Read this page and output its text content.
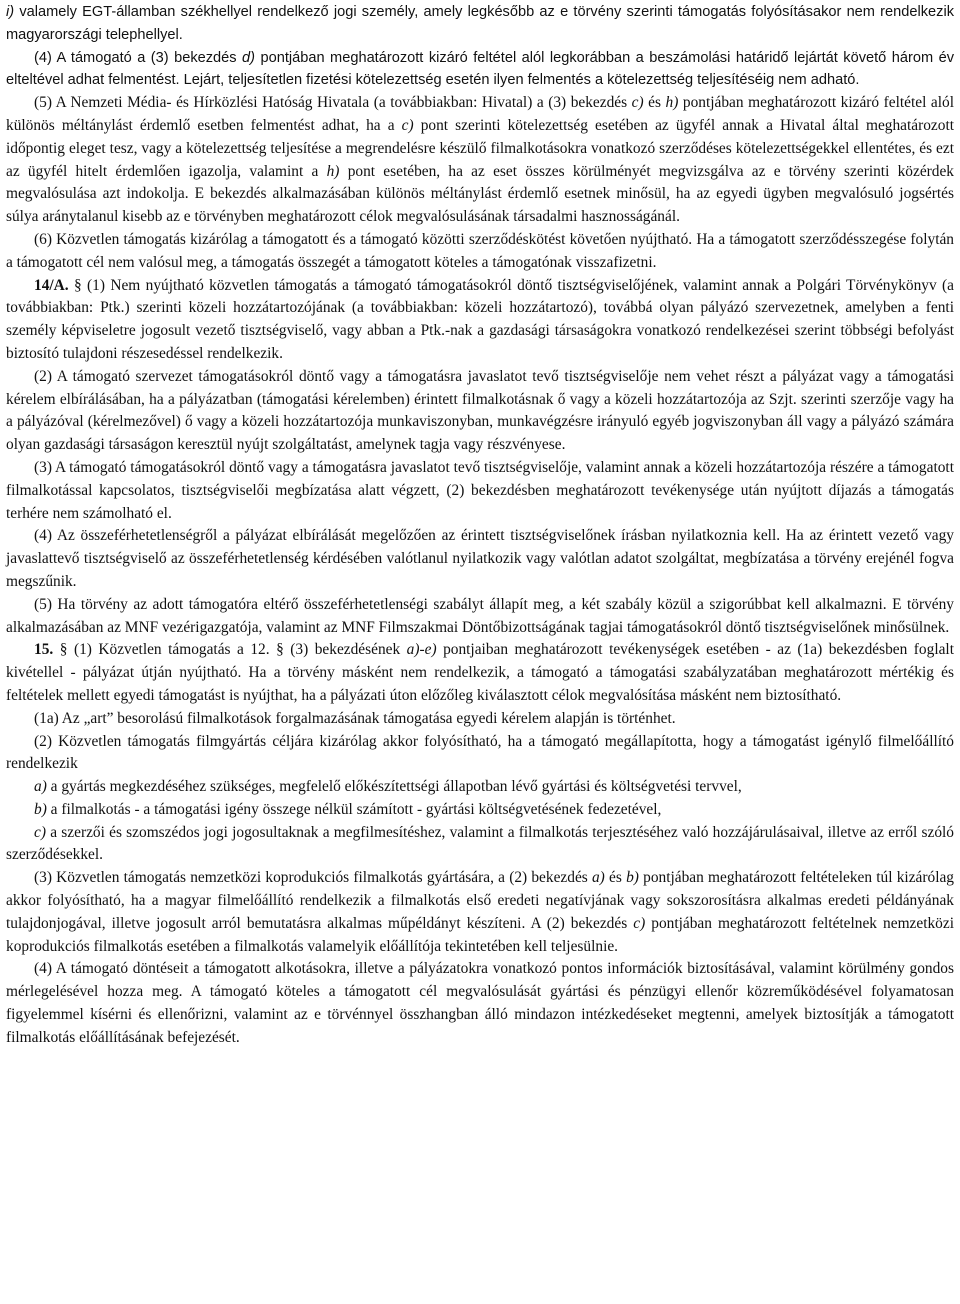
i) valamely EGT-államban székhellyel rendelkező jogi személy, amely legkésőbb az e törvény szerinti támogatás folyósításakor nem rendelkezik magyarországi telephellyel.

(4) A támogató a (3) bekezdés d) pontjában meghatározott kizáró feltétel alól legkorábban a beszámolási határidő lejártát követő három év elteltével adhat felmentést. Lejárt, teljesítetlen fizetési kötelezettség esetén ilyen felmentés a kötelezettség teljesítéséig nem adható.

(5) A Nemzeti Média- és Hírközlési Hatóság Hivatala (a továbbiakban: Hivatal) a (3) bekezdés c) és h) pontjában meghatározott kizáró feltétel alól különös méltánylást érdemlő esetben felmentést adhat, ha a c) pont szerinti kötelezettség esetében az ügyfél annak a Hivatal által meghatározott időpontig eleget tesz, vagy a kötelezettség teljesítése a megrendelésre készülő filmalkotásokra vonatkozó szerződéses kötelezettségekkel ellentétes, és ezt az ügyfél hitelt érdemlően igazolja, valamint a h) pont esetében, ha az eset összes körülményét megvizsgálva az e törvény szerinti közérdek megvalósulása azt indokolja. E bekezdés alkalmazásában különös méltánylást érdemlő esetnek minősül, ha az egyedi ügyben megvalósuló jogsértés súlya aránytalanul kisebb az e törvényben meghatározott célok megvalósulásának társadalmi hasznosságánál.

(6) Közvetlen támogatás kizárólag a támogatott és a támogató közötti szerződéskötést követően nyújtható. Ha a támogatott szerződésszegése folytán a támogatott cél nem valósul meg, a támogatás összegét a támogatott köteles a támogatónak visszafizetni.

14/A. § (1) Nem nyújtható közvetlen támogatás a támogató támogatásokról döntő tisztségviselőjének, valamint annak a Polgári Törvénykönyv (a továbbiakban: Ptk.) szerinti közeli hozzátartozójának (a továbbiakban: közeli hozzátartozó), továbbá olyan pályázó szervezetnek, amelyben a fenti személy képviseletre jogosult vezető tisztségviselő, vagy abban a Ptk.-nak a gazdasági társaságokra vonatkozó rendelkezései szerint többségi befolyást biztosító tulajdoni részesedéssel rendelkezik.

(2) A támogató szervezet támogatásokról döntő vagy a támogatásra javaslatot tevő tisztségviselője nem vehet részt a pályázat vagy a támogatási kérelem elbírálásában, ha a pályázatban (támogatási kérelemben) érintett filmalkotásnak ő vagy a közeli hozzátartozója az Szjt. szerinti szerzője vagy ha a pályázóval (kérelmezővel) ő vagy a közeli hozzátartozója munkaviszonyban, munkavégzésre irányuló egyéb jogviszonyban áll vagy a pályázó számára olyan gazdasági társaságon keresztül nyújt szolgáltatást, amelynek tagja vagy részvényese.

(3) A támogató támogatásokról döntő vagy a támogatásra javaslatot tevő tisztségviselője, valamint annak a közeli hozzátartozója részére a támogatott filmalkotással kapcsolatos, tisztségviselői megbízatása alatt végzett, (2) bekezdésben meghatározott tevékenysége után nyújtott díjazás a támogatás terhére nem számolható el.

(4) Az összeférhetetlenségről a pályázat elbírálását megelőzően az érintett tisztségviselőnek írásban nyilatkoznia kell. Ha az érintett vezető vagy javaslattevő tisztségviselő az összeférhetetlenség kérdésében valótlanul nyilatkozik vagy valótlan adatot szolgáltat, megbízatása a törvény erejénél fogva megszűnik.

(5) Ha törvény az adott támogatóra eltérő összeférhetetlenségi szabályt állapít meg, a két szabály közül a szigorúbbat kell alkalmazni. E törvény alkalmazásában az MNF vezérigazgatója, valamint az MNF Filmszakmai Döntőbizottságának tagjai támogatásokról döntő tisztségviselőnek minősülnek.

15. § (1) Közvetlen támogatás a 12. § (3) bekezdésének a)-e) pontjaiban meghatározott tevékenységek esetében - az (1a) bekezdésben foglalt kivétellel - pályázat útján nyújtható. Ha a törvény másként nem rendelkezik, a támogató a támogatási szabályzatában meghatározott mértékig és feltételek mellett egyedi támogatást is nyújthat, ha a pályázati úton előzőleg kiválasztott célok megvalósítása másként nem biztosítható.

(1a) Az „art” besorolású filmalkotások forgalmazásának támogatása egyedi kérelem alapján is történhet.

(2) Közvetlen támogatás filmgyártás céljára kizárólag akkor folyósítható, ha a támogató megállapította, hogy a támogatást igénylő filmelőállító rendelkezik

a) a gyártás megkezdéséhez szükséges, megfelelő előkészítettségi állapotban lévő gyártási és költségvetési tervvel,

b) a filmalkotás - a támogatási igény összege nélkül számított - gyártási költségvetésének fedezetével,

c) a szerzői és szomszédos jogi jogosultaknak a megfilmesítéshez, valamint a filmalkotás terjesztéséhez való hozzájárulásaival, illetve az erről szóló szerződésekkel.

(3) Közvetlen támogatás nemzetközi koprodukciós filmalkotás gyártására, a (2) bekezdés a) és b) pontjában meghatározott feltételeken túl kizárólag akkor folyósítható, ha a magyar filmelőállító rendelkezik a filmalkotás első eredeti negatívjának vagy sokszorosításra alkalmas eredeti példányának tulajdonjogával, illetve jogosult arról bemutatásra alkalmas műpéldányt készíteni. A (2) bekezdés c) pontjában meghatározott feltételnek nemzetközi koprodukciós filmalkotás esetében a filmalkotás valamelyik előállítója tekintetében kell teljesülnie.

(4) A támogató döntéseit a támogatott alkotásokra, illetve a pályázatokra vonatkozó pontos információk biztosításával, valamint körülmény gondos mérlegelésével hozza meg. A támogató köteles a támogatott cél megvalósulását gyártási és pénzügyi ellenőr közreműködésével folyamatosan figyelemmel kísérni és ellenőrizni, valamint az e törvénnyel összhangban álló mindazon intézkedéseket megtenni, amelyek biztosítják a támogatott filmalkotás előállításának befejezését.
